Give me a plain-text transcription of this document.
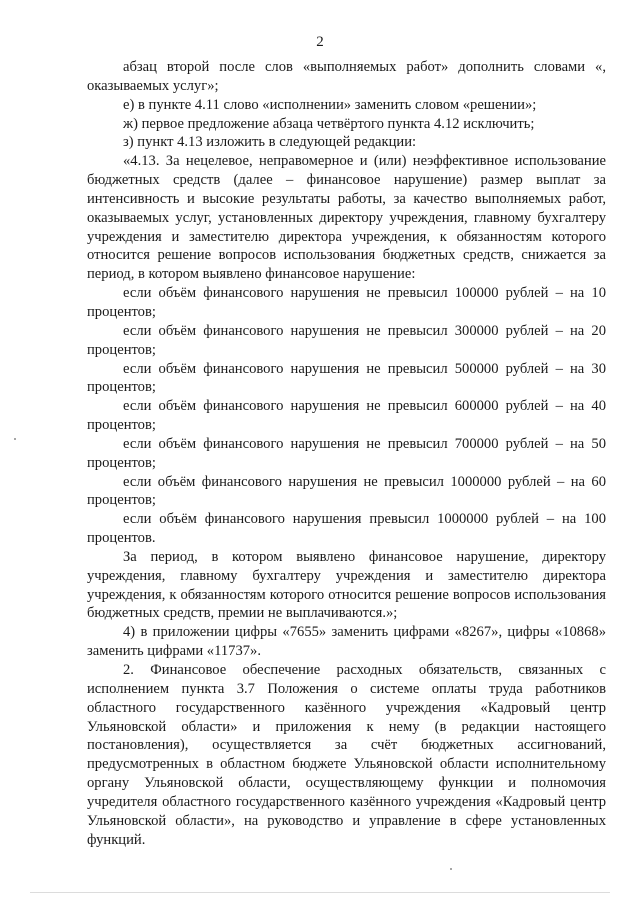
2

абзац второй после слов «выполняемых работ» дополнить словами «, оказываемых услуг»;

е) в пункте 4.11 слово «исполнении» заменить словом «решении»;

ж) первое предложение абзаца четвёртого пункта 4.12 исключить;

з) пункт 4.13 изложить в следующей редакции:

«4.13. За нецелевое, неправомерное и (или) неэффективное использование бюджетных средств (далее – финансовое нарушение) размер выплат за интенсивность и высокие результаты работы, за качество выполняемых работ, оказываемых услуг, установленных директору учреждения, главному бухгалтеру учреждения и заместителю директора учреждения, к обязанностям которого относится решение вопросов использования бюджетных средств, снижается за период, в котором выявлено финансовое нарушение:

если объём финансового нарушения не превысил 100000 рублей – на 10 процентов;

если объём финансового нарушения не превысил 300000 рублей – на 20 процентов;

если объём финансового нарушения не превысил 500000 рублей – на 30 процентов;

если объём финансового нарушения не превысил 600000 рублей – на 40 процентов;

если объём финансового нарушения не превысил 700000 рублей – на 50 процентов;

если объём финансового нарушения не превысил 1000000 рублей – на 60 процентов;

если объём финансового нарушения превысил 1000000 рублей – на 100 процентов.

За период, в котором выявлено финансовое нарушение, директору учреждения, главному бухгалтеру учреждения и заместителю директора учреждения, к обязанностям которого относится решение вопросов использования бюджетных средств, премии не выплачиваются.»;

4) в приложении цифры «7655» заменить цифрами «8267», цифры «10868» заменить цифрами «11737».

2. Финансовое обеспечение расходных обязательств, связанных с исполнением пункта 3.7 Положения о системе оплаты труда работников областного государственного казённого учреждения «Кадровый центр Ульяновской области» и приложения к нему (в редакции настоящего постановления), осуществляется за счёт бюджетных ассигнований, предусмотренных в областном бюджете Ульяновской области исполнительному органу Ульяновской области, осуществляющему функции и полномочия учредителя областного государственного казённого учреждения «Кадровый центр Ульяновской области», на руководство и управление в сфере установленных функций.
